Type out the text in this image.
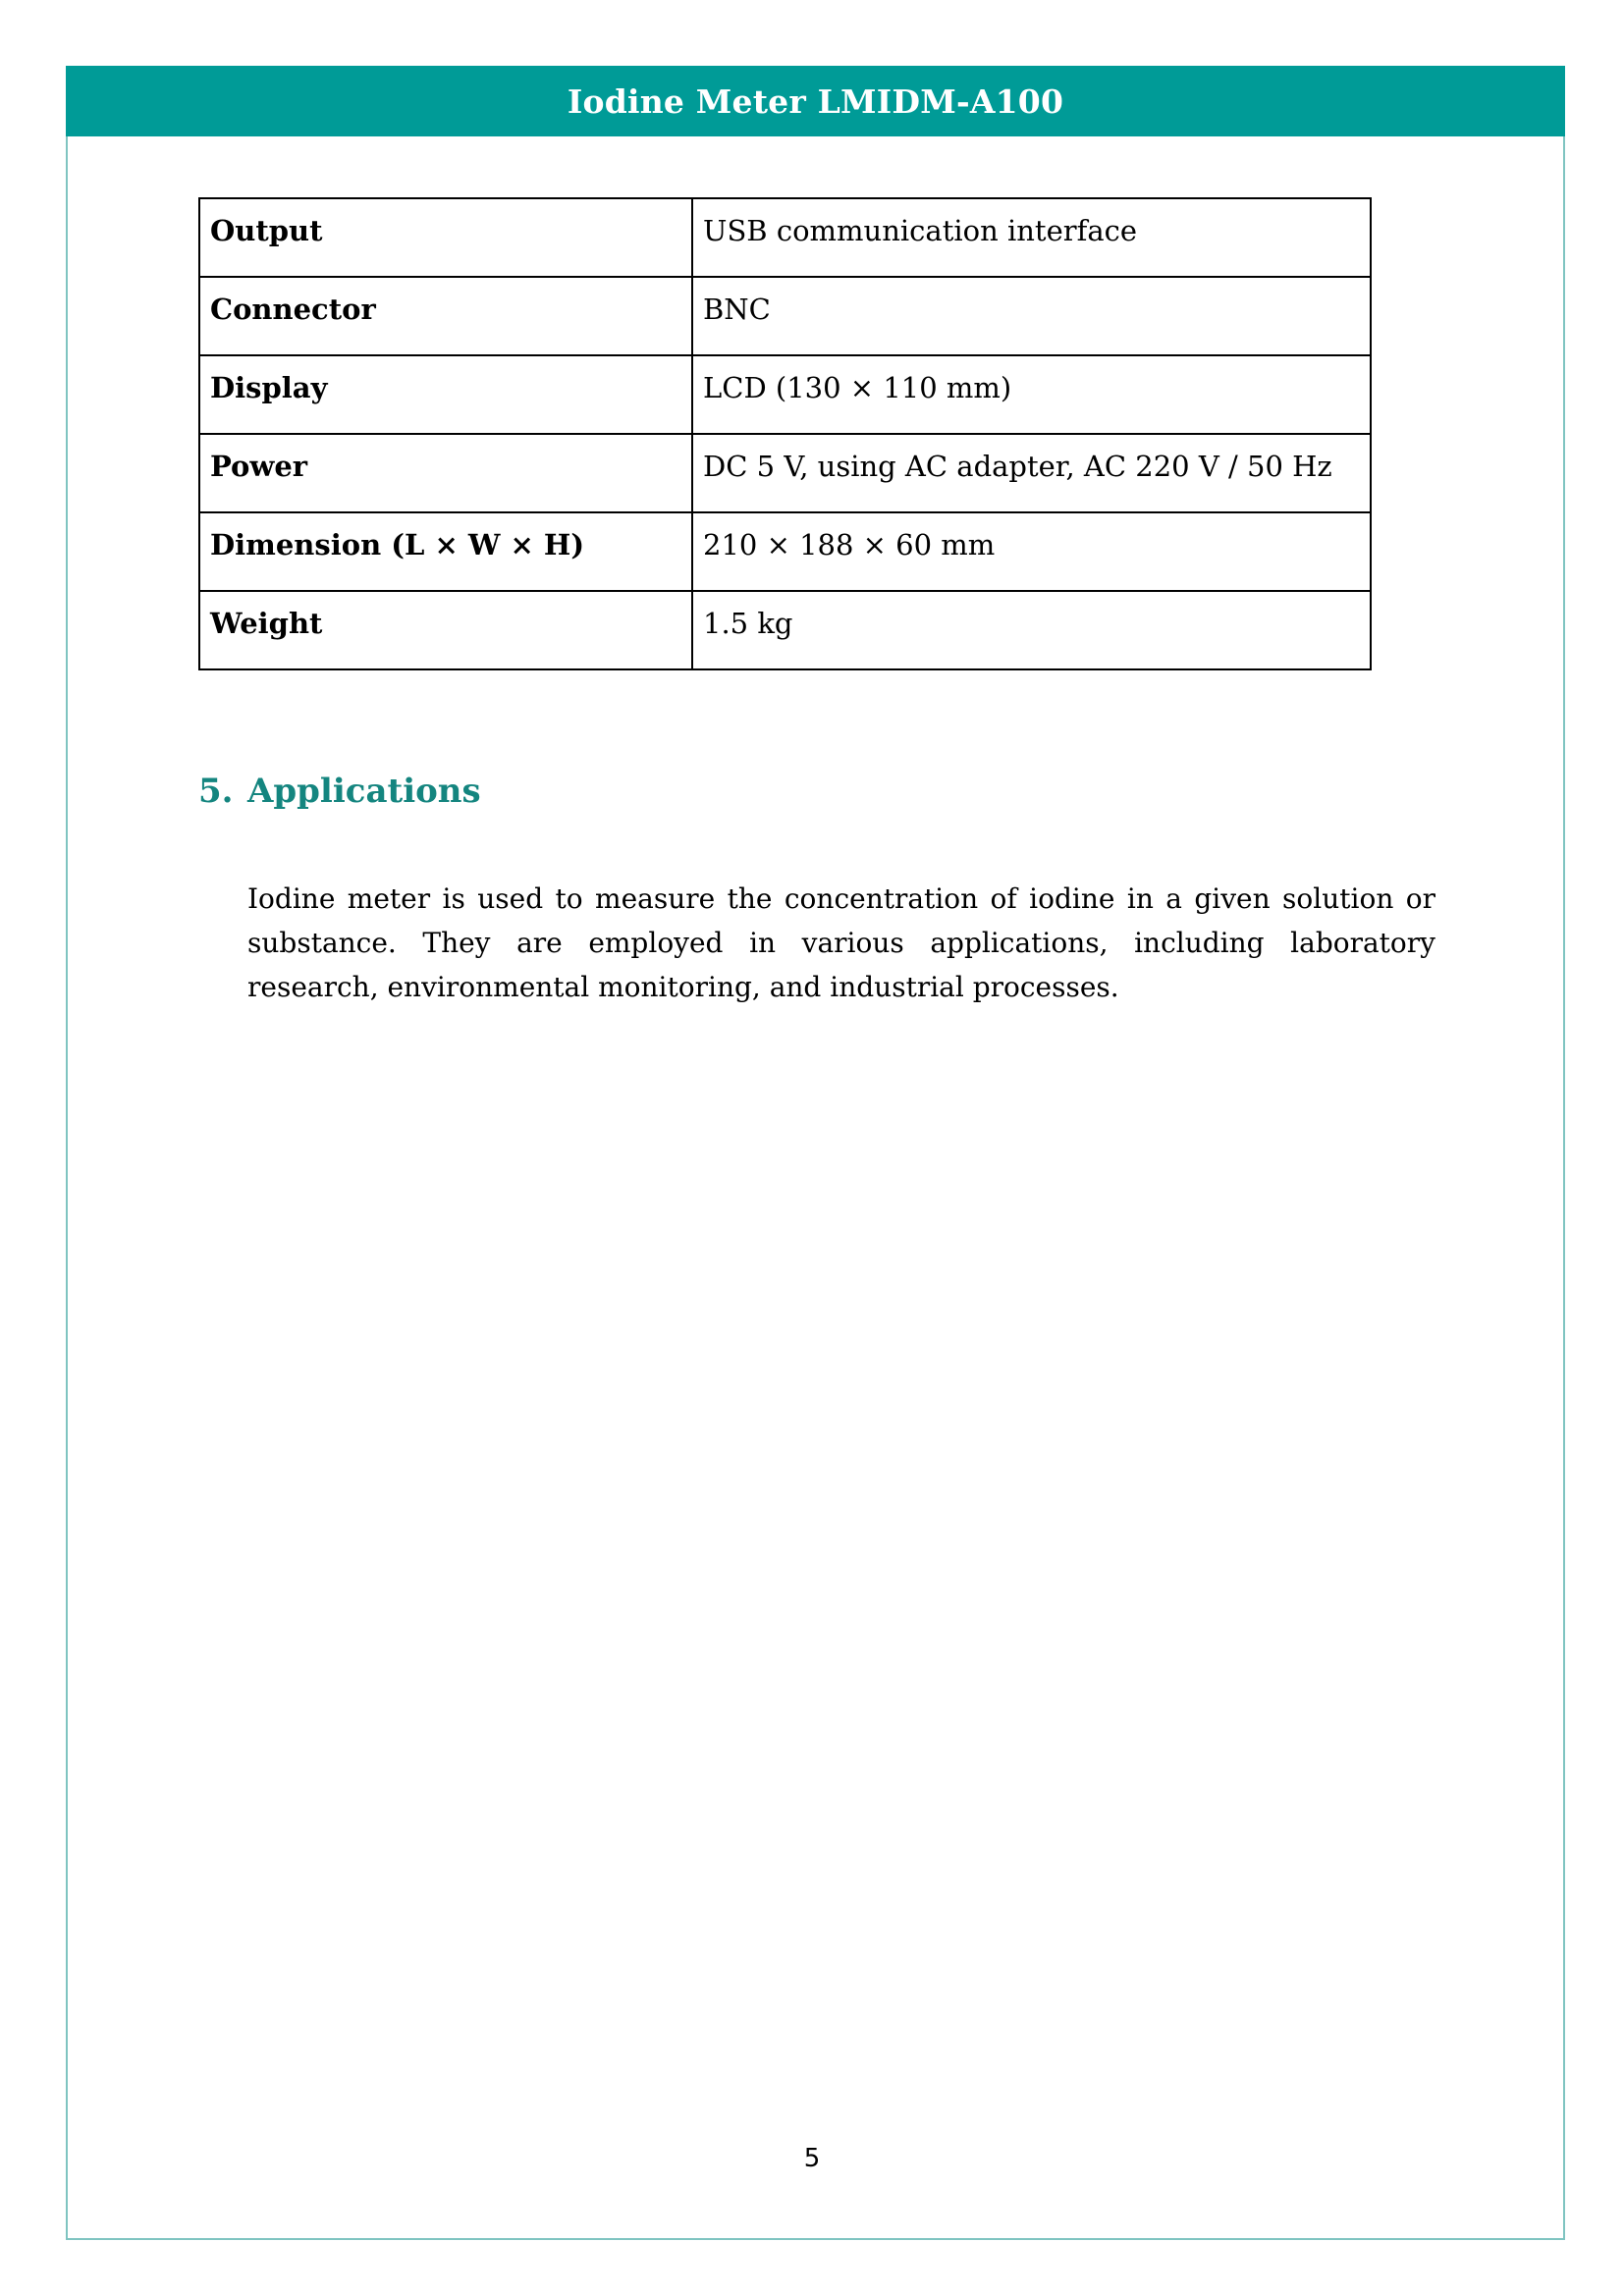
Iodine Meter LMIDM-A100
Output	USB communication interface
Connector	BNC
Display	LCD (130 × 110 mm)
Power	DC 5 V, using AC adapter, AC 220 V / 50 Hz
Dimension (L × W × H)	210 × 188 × 60 mm
Weight	1.5 kg
5. Applications

Iodine meter is used to measure the concentration of iodine in a given solution or substance. They are employed in various applications, including laboratory research, environmental monitoring, and industrial processes.

5
